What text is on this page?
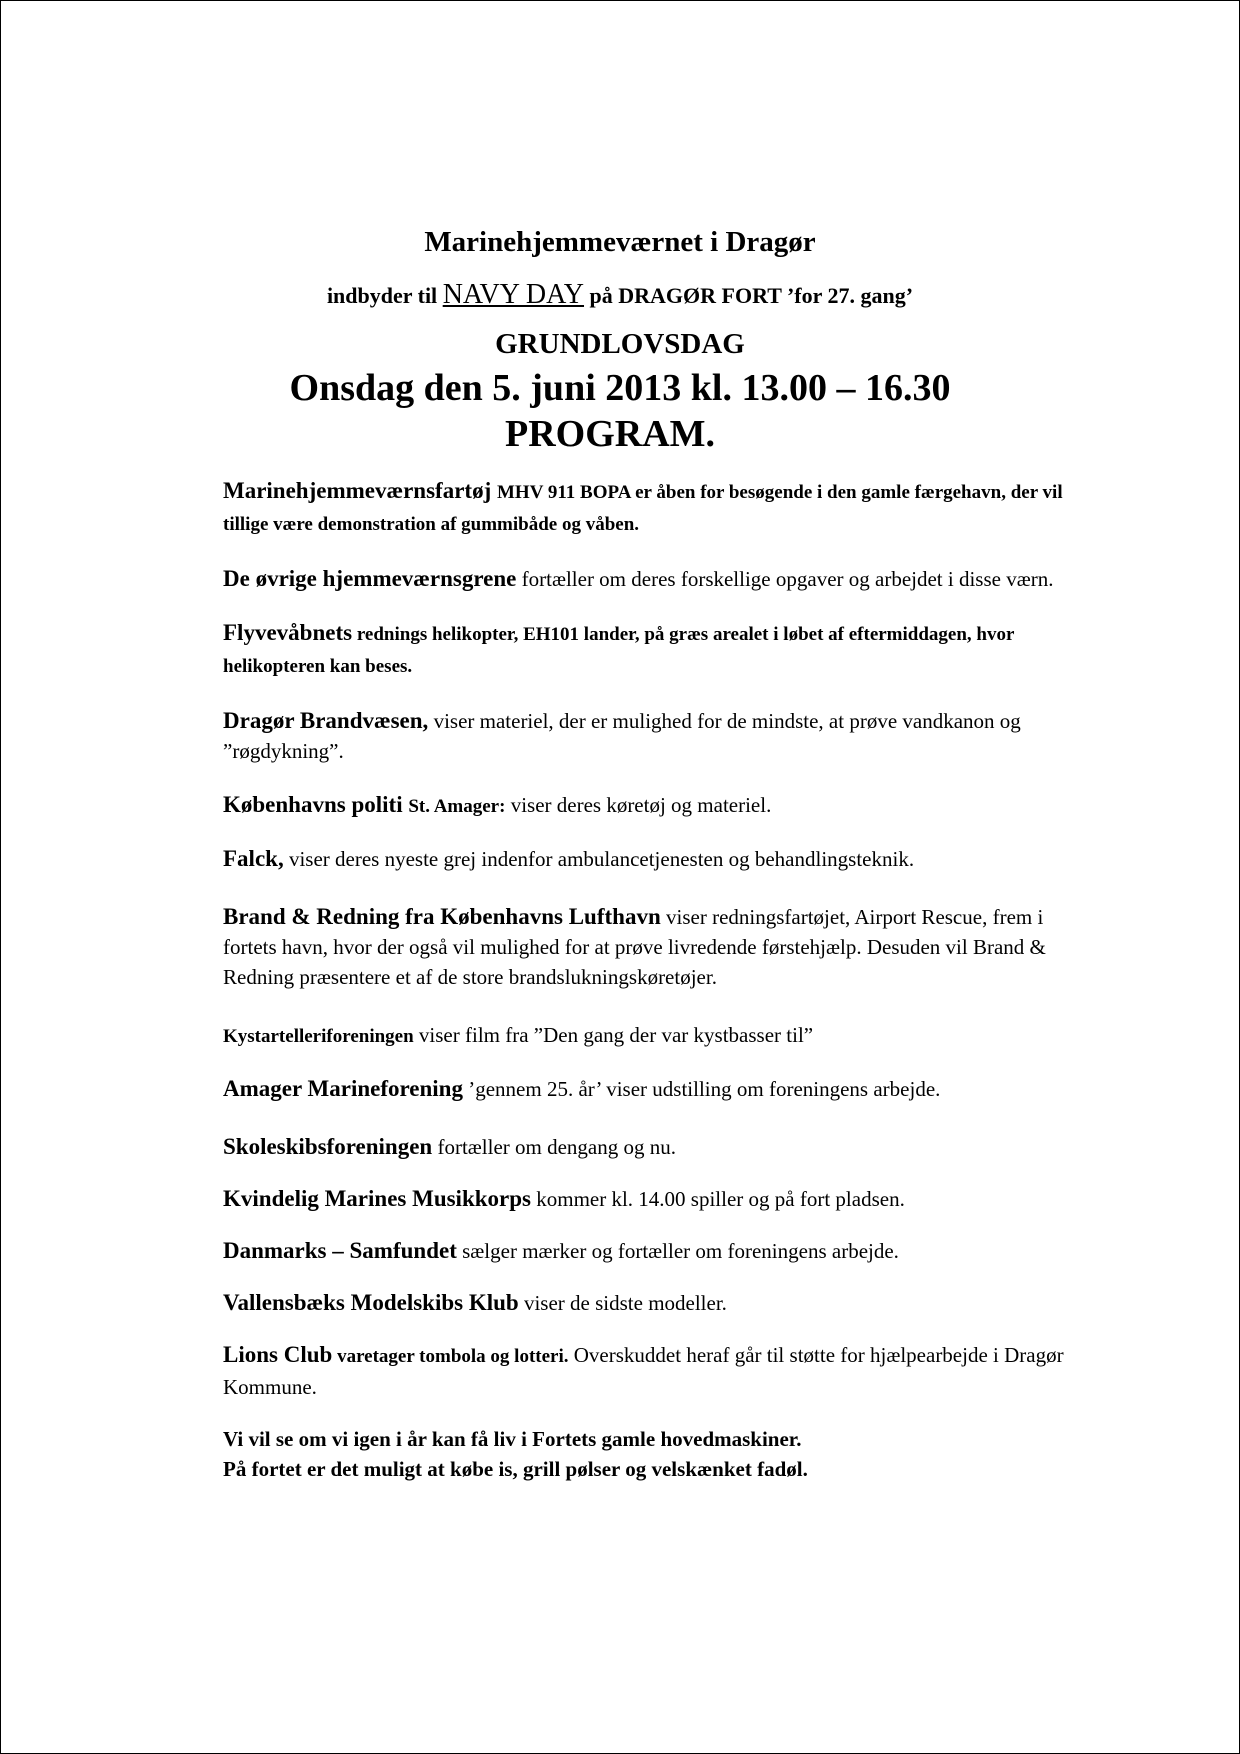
Marinehjemmeværnet i Dragør
indbyder til NAVY DAY på DRAGØR FORT ’for 27. gang’
GRUNDLOVSDAG
Onsdag den 5. juni 2013 kl. 13.00 – 16.30
PROGRAM.

Marinehjemmeværnsfartøj MHV 911 BOPA er åben for besøgende i den gamle færgehavn, der vil tillige være demonstration af gummibåde og våben.

De øvrige hjemmeværnsgrene fortæller om deres forskellige opgaver og arbejdet i disse værn.

Flyvevåbnets rednings helikopter, EH101 lander, på græs arealet i løbet af eftermiddagen, hvor helikopteren kan beses.

Dragør Brandvæsen, viser materiel, der er mulighed for de mindste, at prøve vandkanon og ”røgdykning”.

Københavns politi St. Amager: viser deres køretøj og materiel.

Falck, viser deres nyeste grej indenfor ambulancetjenesten og behandlingsteknik.

Brand & Redning fra Københavns Lufthavn viser redningsfartøjet, Airport Rescue, frem i fortets havn, hvor der også vil mulighed for at prøve livredende førstehjælp. Desuden vil Brand & Redning præsentere et af de store brandslukningskøretøjer.

Kystartelleriforeningen viser film fra ”Den gang der var kystbasser til”

Amager Marineforening ’gennem 25. år’ viser udstilling om foreningens arbejde.

Skoleskibsforeningen fortæller om dengang og nu.

Kvindelig Marines Musikkorps kommer kl. 14.00 spiller og på fort pladsen.

Danmarks – Samfundet sælger mærker og fortæller om foreningens arbejde.

Vallensbæks Modelskibs Klub viser de sidste modeller.

Lions Club varetager tombola og lotteri. Overskuddet heraf går til støtte for hjælpearbejde i Dragør Kommune.

Vi vil se om vi igen i år kan få liv i Fortets gamle hovedmaskiner.
På fortet er det muligt at købe is, grill pølser og velskænket fadøl.
